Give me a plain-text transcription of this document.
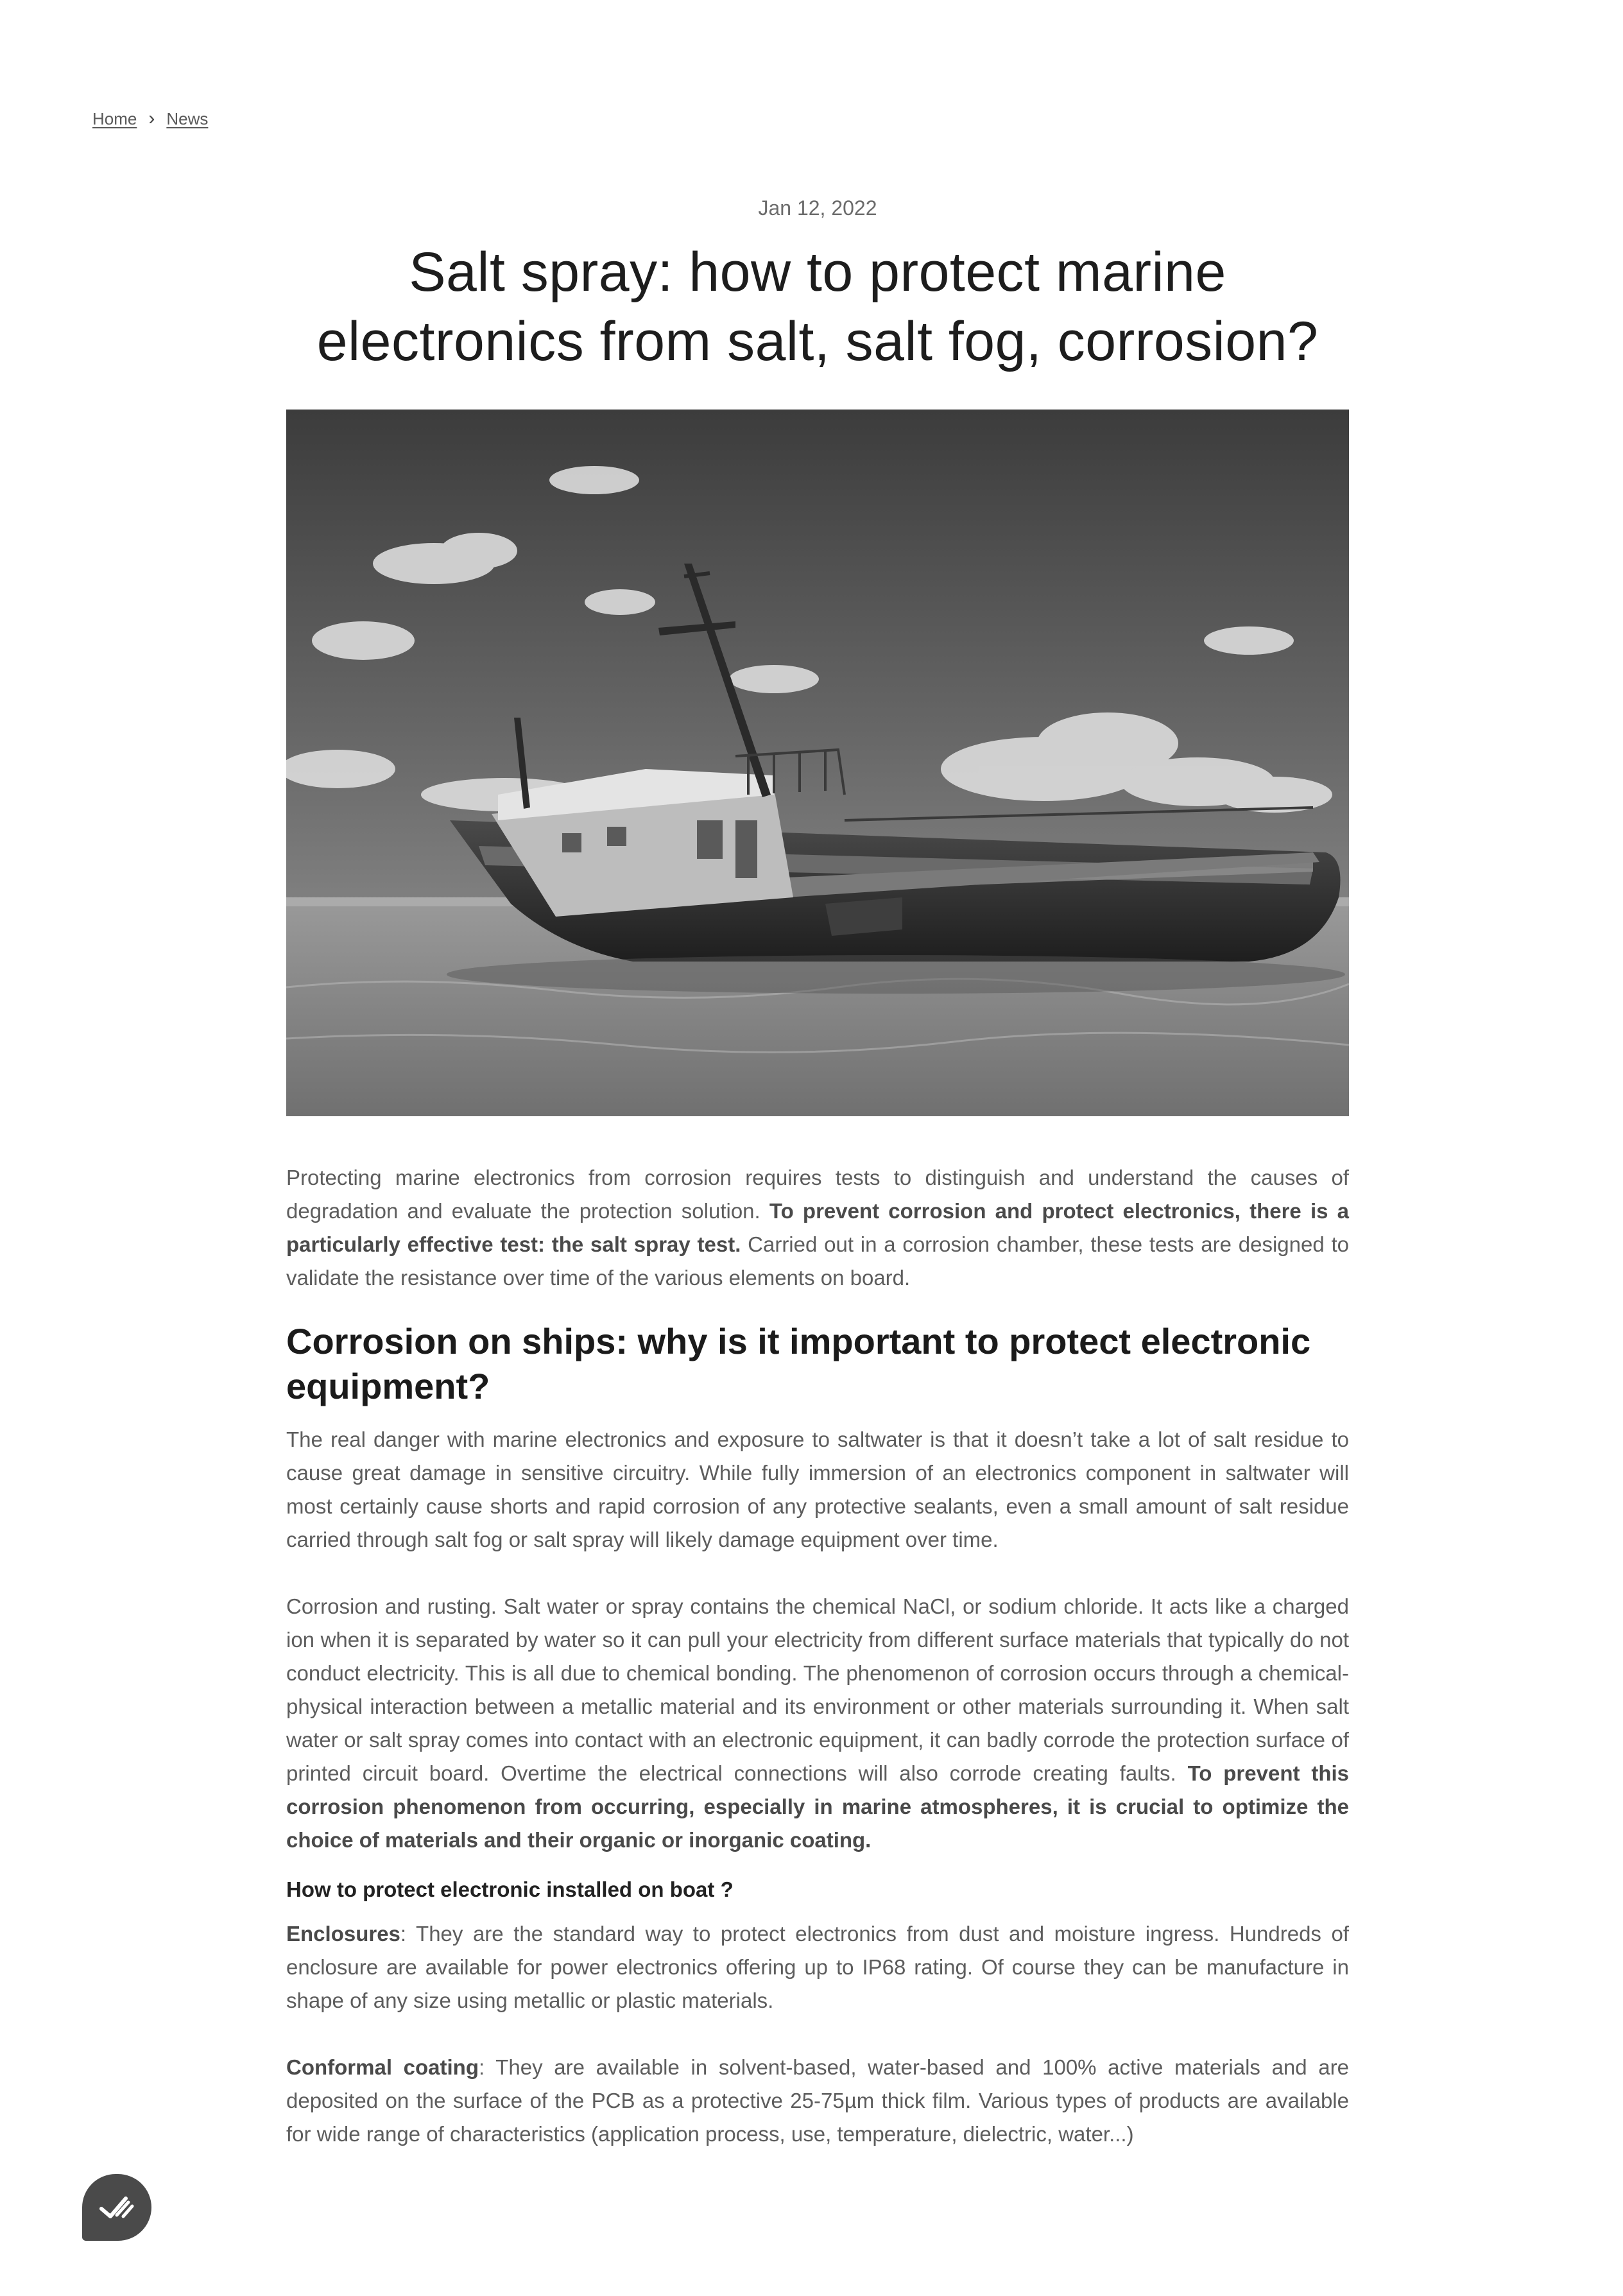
Home › News
Jan 12, 2022
Salt spray: how to protect marine electronics from salt, salt fog, corrosion?

Protecting marine electronics from corrosion requires tests to distinguish and understand the causes of degradation and evaluate the protection solution. To prevent corrosion and protect electronics, there is a particularly effective test: the salt spray test. Carried out in a corrosion chamber, these tests are designed to validate the resistance over time of the various elements on board.

Corrosion on ships: why is it important to protect electronic equipment?

The real danger with marine electronics and exposure to saltwater is that it doesn’t take a lot of salt residue to cause great damage in sensitive circuitry. While fully immersion of an electronics component in saltwater will most certainly cause shorts and rapid corrosion of any protective sealants, even a small amount of salt residue carried through salt fog or salt spray will likely damage equipment over time.

Corrosion and rusting. Salt water or spray contains the chemical NaCl, or sodium chloride. It acts like a charged ion when it is separated by water so it can pull your electricity from different surface materials that typically do not conduct electricity. This is all due to chemical bonding. The phenomenon of corrosion occurs through a chemical-physical interaction between a metallic material and its environment or other materials surrounding it. When salt water or salt spray comes into contact with an electronic equipment, it can badly corrode the protection surface of printed circuit board. Overtime the electrical connections will also corrode creating faults. To prevent this corrosion phenomenon from occurring, especially in marine atmospheres, it is crucial to optimize the choice of materials and their organic or inorganic coating.

How to protect electronic installed on boat ?

Enclosures: They are the standard way to protect electronics from dust and moisture ingress. Hundreds of enclosure are available for power electronics offering up to IP68 rating. Of course they can be manufacture in shape of any size using metallic or plastic materials.

Conformal coating: They are available in solvent-based, water-based and 100% active materials and are deposited on the surface of the PCB as a protective 25-75µm thick film. Various types of products are available for wide range of characteristics (application process, use, temperature, dielectric, water...)
